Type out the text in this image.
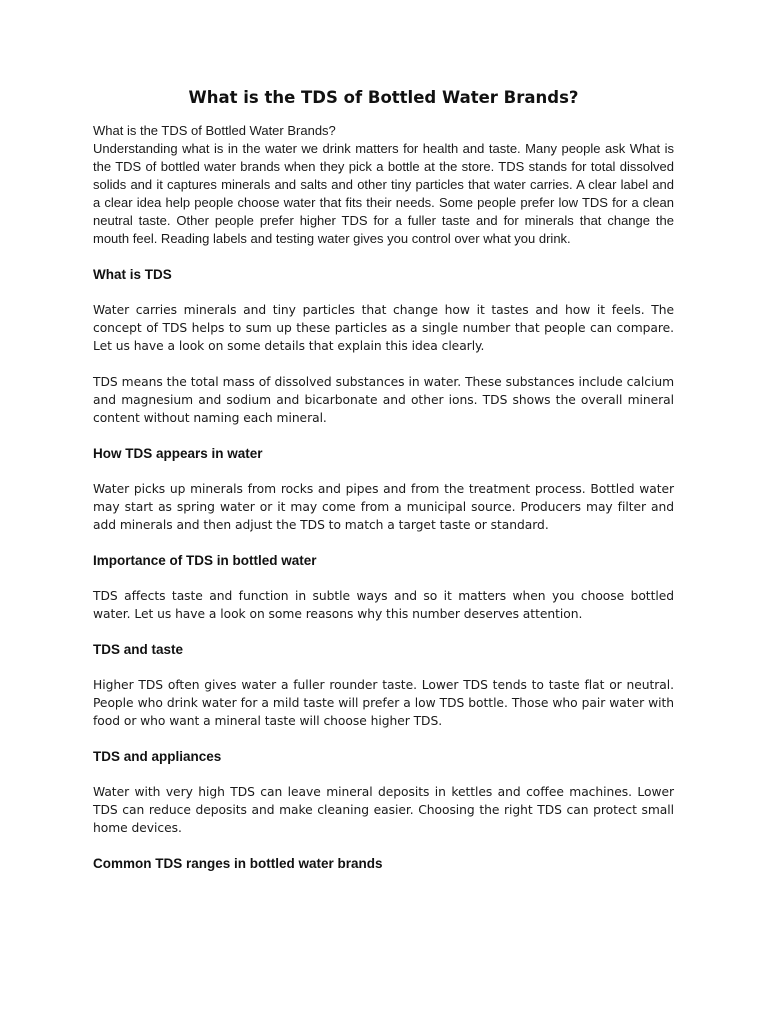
What is the TDS of Bottled Water Brands?
What is the TDS of Bottled Water Brands?
Understanding what is in the water we drink matters for health and taste. Many people ask What is the TDS of bottled water brands when they pick a bottle at the store. TDS stands for total dissolved solids and it captures minerals and salts and other tiny particles that water carries. A clear label and a clear idea help people choose water that fits their needs. Some people prefer low TDS for a clean neutral taste. Other people prefer higher TDS for a fuller taste and for minerals that change the mouth feel. Reading labels and testing water gives you control over what you drink.
What is TDS

Water carries minerals and tiny particles that change how it tastes and how it feels. The concept of TDS helps to sum up these particles as a single number that people can compare. Let us have a look on some details that explain this idea clearly.

TDS means the total mass of dissolved substances in water. These substances include calcium and magnesium and sodium and bicarbonate and other ions. TDS shows the overall mineral content without naming each mineral.

How TDS appears in water

Water picks up minerals from rocks and pipes and from the treatment process. Bottled water may start as spring water or it may come from a municipal source. Producers may filter and add minerals and then adjust the TDS to match a target taste or standard.

Importance of TDS in bottled water

TDS affects taste and function in subtle ways and so it matters when you choose bottled water. Let us have a look on some reasons why this number deserves attention.

TDS and taste

Higher TDS often gives water a fuller rounder taste. Lower TDS tends to taste flat or neutral. People who drink water for a mild taste will prefer a low TDS bottle. Those who pair water with food or who want a mineral taste will choose higher TDS.

TDS and appliances

Water with very high TDS can leave mineral deposits in kettles and coffee machines. Lower TDS can reduce deposits and make cleaning easier. Choosing the right TDS can protect small home devices.

Common TDS ranges in bottled water brands
